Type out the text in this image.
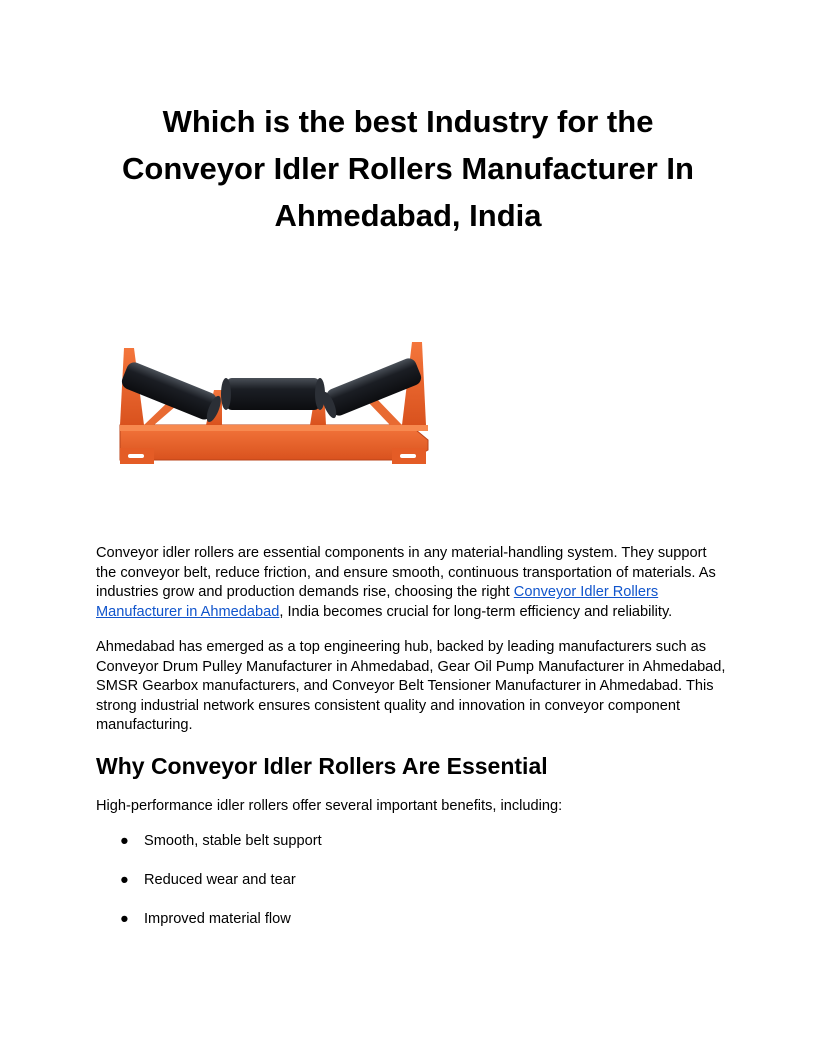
Which is the best Industry for the
Conveyor Idler Rollers Manufacturer In
Ahmedabad, India

Conveyor idler rollers are essential components in any material-handling system. They support the conveyor belt, reduce friction, and ensure smooth, continuous transportation of materials. As industries grow and production demands rise, choosing the right Conveyor Idler Rollers Manufacturer in Ahmedabad, India becomes crucial for long-term efficiency and reliability.

Ahmedabad has emerged as a top engineering hub, backed by leading manufacturers such as Conveyor Drum Pulley Manufacturer in Ahmedabad, Gear Oil Pump Manufacturer in Ahmedabad, SMSR Gearbox manufacturers, and Conveyor Belt Tensioner Manufacturer in Ahmedabad. This strong industrial network ensures consistent quality and innovation in conveyor component manufacturing.

Why Conveyor Idler Rollers Are Essential

High-performance idler rollers offer several important benefits, including:

● Smooth, stable belt support
● Reduced wear and tear
● Improved material flow
